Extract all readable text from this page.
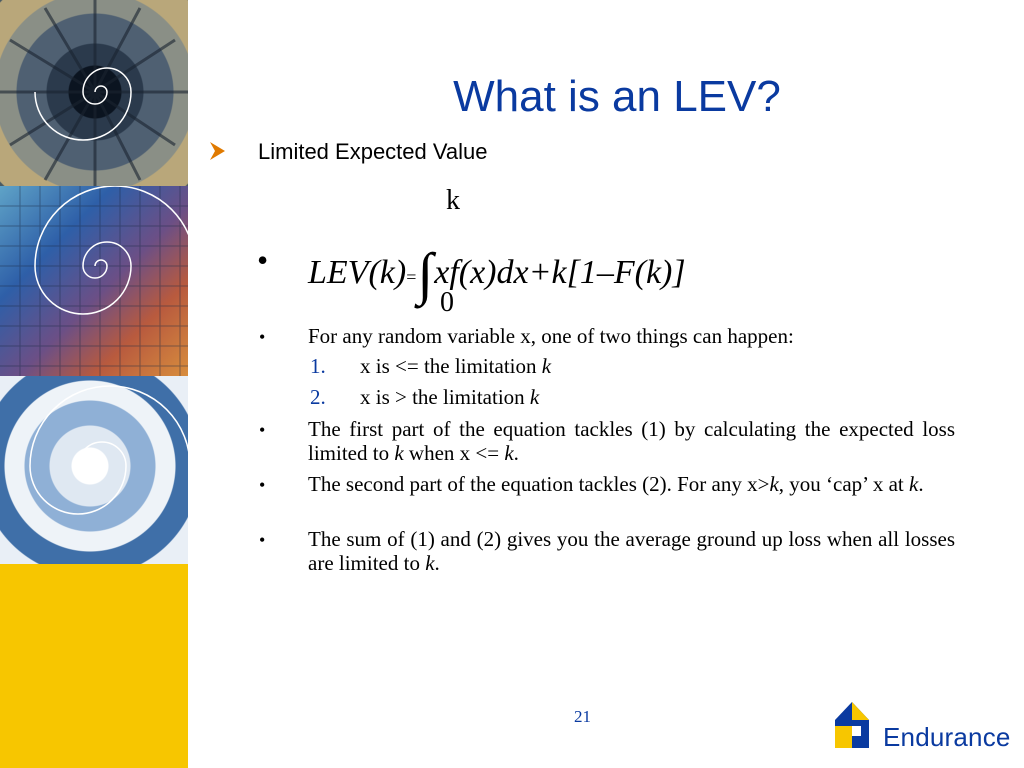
What is an LEV?
Limited Expected Value
k
0
• LEV(k)=∫xf(x)dx+k[1–F(k)]
• For any random variable x, one of two things can happen:
1. x is <= the limitation k
2. x is > the limitation k
• The first part of the equation tackles (1) by calculating the expected loss limited to k when x <= k.
• The second part of the equation tackles (2). For any x>k, you ‘cap’ x at k.
• The sum of (1) and (2) gives you the average ground up loss when all losses are limited to k.
21
Endurance
